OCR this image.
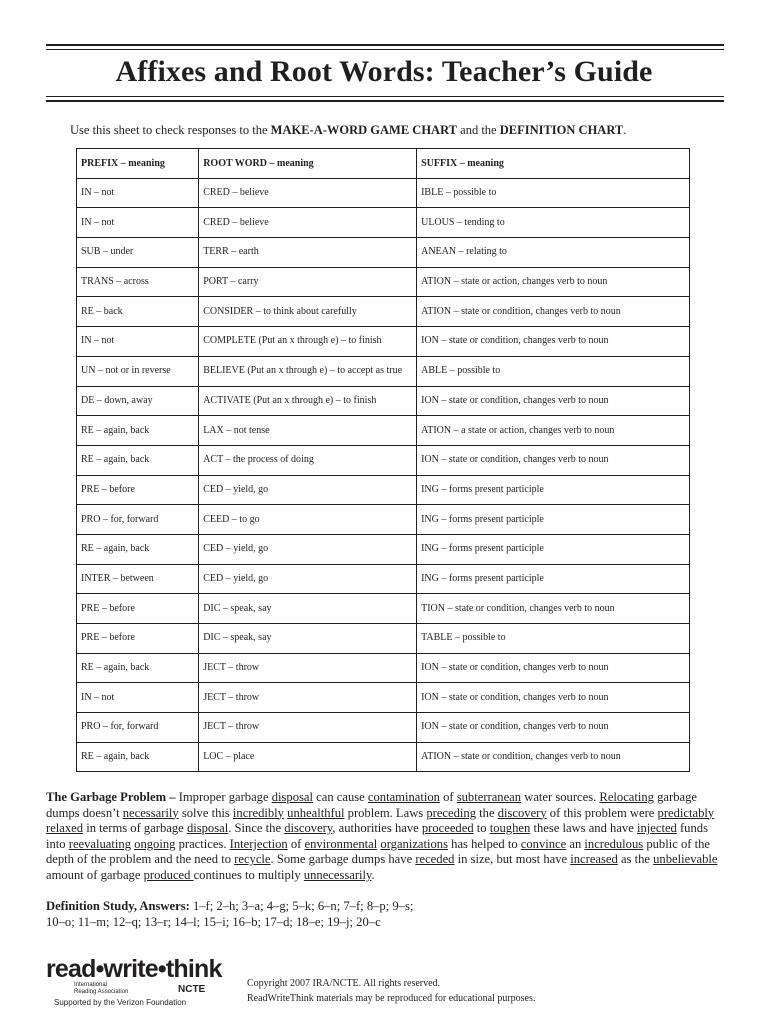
Affixes and Root Words: Teacher’s Guide
Use this sheet to check responses to the MAKE-A-WORD GAME CHART and the DEFINITION CHART.
PREFIX – meaning	ROOT WORD – meaning	SUFFIX – meaning
IN – not	CRED – believe	IBLE – possible to
IN – not	CRED – believe	ULOUS – tending to
SUB – under	TERR – earth	ANEAN – relating to
TRANS – across	PORT – carry	ATION – state or action, changes verb to noun
RE – back	CONSIDER – to think about carefully	ATION – state or condition, changes verb to noun
IN – not	COMPLETE (Put an x through e) – to finish	ION – state or condition, changes verb to noun
UN – not or in reverse	BELIEVE (Put an x through e) – to accept as true	ABLE – possible to
DE – down, away	ACTIVATE (Put an x through e) – to finish	ION – state or condition, changes verb to noun
RE – again, back	LAX – not tense	ATION – a state or action, changes verb to noun
RE – again, back	ACT – the process of doing	ION – state or condition, changes verb to noun
PRE – before	CED – yield, go	ING – forms present participle
PRO – for, forward	CEED – to go	ING – forms present participle
RE – again, back	CED – yield, go	ING – forms present participle
INTER – between	CED – yield, go	ING – forms present participle
PRE – before	DIC – speak, say	TION – state or condition, changes verb to noun
PRE – before	DIC – speak, say	TABLE – possible to
RE – again, back	JECT – throw	ION – state or condition, changes verb to noun
IN – not	JECT – throw	ION – state or condition, changes verb to noun
PRO – for, forward	JECT – throw	ION – state or condition, changes verb to noun
RE – again, back	LOC – place	ATION – state or condition, changes verb to noun
The Garbage Problem – Improper garbage disposal can cause contamination of subterranean water sources. Relocating garbage dumps doesn’t necessarily solve this incredibly unhealthful problem. Laws preceding the discovery of this problem were predictably relaxed in terms of garbage disposal. Since the discovery, authorities have proceeded to toughen these laws and have injected funds into reevaluating ongoing practices. Interjection of environmental organizations has helped to convince an incredulous public of the depth of the problem and the need to recycle. Some garbage dumps have receded in size, but most have increased as the unbelievable amount of garbage produced continues to multiply unnecessarily.
Definition Study, Answers: 1–f; 2–h; 3–a; 4–g; 5–k; 6–n; 7–f; 8–p; 9–s;
10–o; 11–m; 12–q; 13–r; 14–l; 15–i; 16–b; 17–d; 18–e; 19–j; 20–c
read•write•think
International
Reading Association	NCTE
Supported by the Verizon Foundation
Copyright 2007 IRA/NCTE. All rights reserved.
ReadWriteThink materials may be reproduced for educational purposes.
